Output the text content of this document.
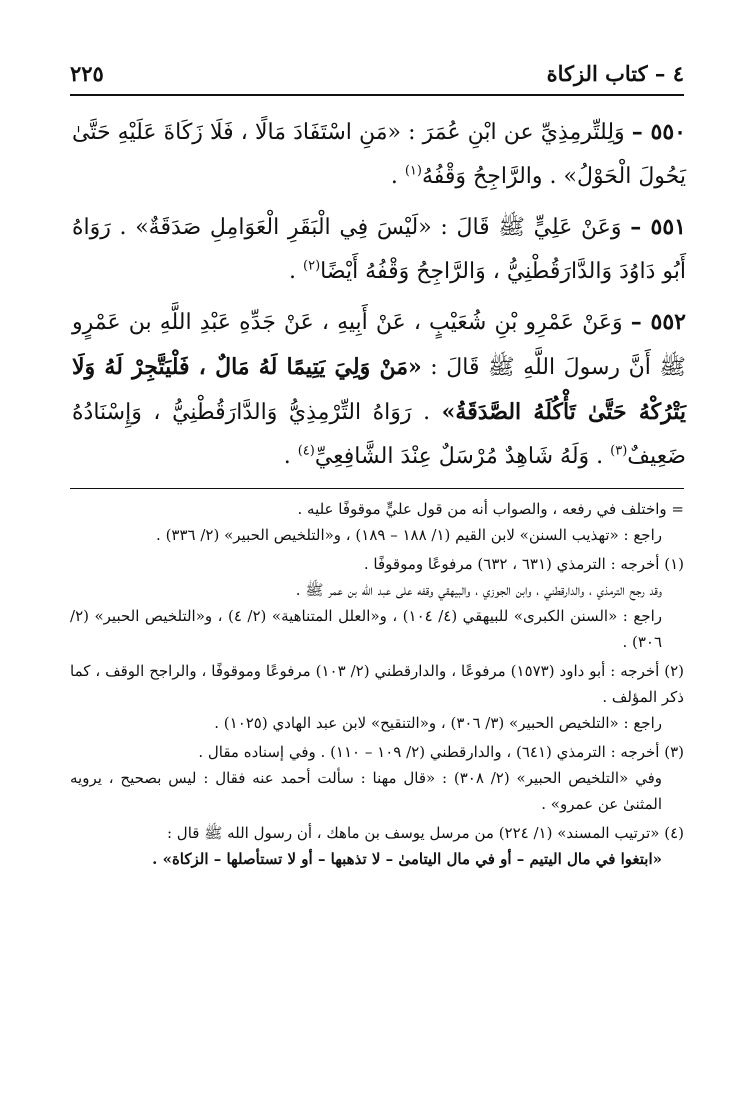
٤ – كتاب الزكاة
٢٢٥

٥٥٠ – وَلِلتِّرمِذِيِّ عن ابْنِ عُمَرَ : «مَنِ اسْتَفَادَ مَالًا ، فَلَا زَكَاةَ عَلَيْهِ حَتَّىٰ يَحُولَ الْحَوْلُ» . والرَّاجِحُ وَقْفُهُ$^{(١)}$ .

٥٥١ – وَعَنْ عَلِيٍّ ﷺ قَالَ : «لَيْسَ فِي الْبَقَرِ الْعَوَامِلِ صَدَقَةٌ» . رَوَاهُ أَبُو دَاوُدَ وَالدَّارَقُطْنِيُّ ، وَالرَّاجِحُ وَقْفُهُ أَيْضًا$^{(٢)}$ .

٥٥٢ – وَعَنْ عَمْرِو بْنِ شُعَيْبٍ ، عَنْ أَبِيهِ ، عَنْ جَدِّهِ عَبْدِ اللَّهِ بن عَمْرٍو ﷺ أَنَّ رسولَ اللَّهِ ﷺ قَالَ : «مَنْ وَلِيَ يَتِيمًا لَهُ مَالٌ ، فَلْيَتَّجِرْ لَهُ وَلَا يَتْرُكْهُ حَتَّىٰ تَأْكُلَهُ الصَّدَقَةُ» . رَوَاهُ التِّرْمِذِيُّ وَالدَّارَقُطْنِيُّ ، وَإِسْنَادُهُ ضَعِيفٌ$^{(٣)}$ . وَلَهُ شَاهِدٌ مُرْسَلٌ عِنْدَ الشَّافِعِيِّ$^{(٤)}$ .

= واختلف في رفعه ، والصواب أنه من قول عليٍّ موقوفًا عليه .
راجع : «تهذيب السنن» لابن القيم (١/ ١٨٨ – ١٨٩) ، و«التلخيص الحبير» (٢/ ٣٣٦) .
(١) أخرجه : الترمذي (٦٣١ ، ٦٣٢) مرفوعًا وموقوفًا .
وقد رجح الترمذي ، والدارقطني ، وابن الجوزي ، والبيهقي وقفه على عبد الله بن عمر ﷺ .
راجع : «السنن الكبرى» للبيهقي (٤/ ١٠٤) ، و«العلل المتناهية» (٢/ ٤) ، و«التلخيص الحبير» (٢/ ٣٠٦) .
(٢) أخرجه : أبو داود (١٥٧٣) مرفوعًا ، والدارقطني (٢/ ١٠٣) مرفوعًا وموقوفًا ، والراجح الوقف ، كما ذكر المؤلف .
راجع : «التلخيص الحبير» (٣/ ٣٠٦) ، و«التنقيح» لابن عبد الهادي (١٠٢٥) .
(٣) أخرجه : الترمذي (٦٤١) ، والدارقطني (٢/ ١٠٩ – ١١٠) . وفي إسناده مقال .
وفي «التلخيص الحبير» (٢/ ٣٠٨) : «قال مهنا : سألت أحمد عنه فقال : ليس بصحيح ، يرويه المثنىٰ عن عمرو» .
(٤) «ترتيب المسند» (١/ ٢٢٤) من مرسل يوسف بن ماهك ، أن رسول الله ﷺ قال :
«ابتغوا في مال اليتيم – أو في مال اليتامىٰ – لا تذهبها – أو لا تستأصلها – الزكاة» .
